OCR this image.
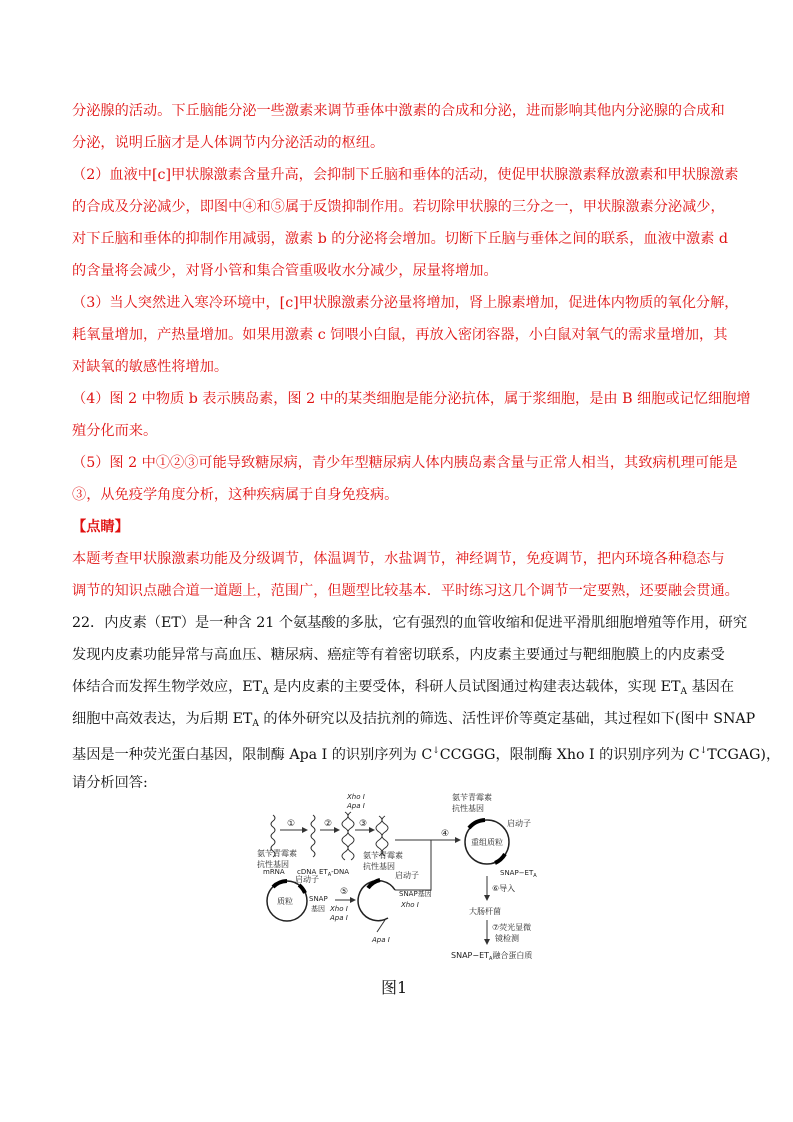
分泌腺的活动。下丘脑能分泌一些激素来调节垂体中激素的合成和分泌，进而影响其他内分泌腺的合成和
分泌，说明丘脑才是人体调节内分泌活动的枢纽。
（2）血液中[c]甲状腺激素含量升高，会抑制下丘脑和垂体的活动，使促甲状腺激素释放激素和甲状腺激素
的合成及分泌减少，即图中④和⑤属于反馈抑制作用。若切除甲状腺的三分之一，甲状腺激素分泌减少，
对下丘脑和垂体的抑制作用减弱，激素 b 的分泌将会增加。切断下丘脑与垂体之间的联系，血液中激素 d
的含量将会减少，对肾小管和集合管重吸收水分减少，尿量将增加。
（3）当人突然进入寒冷环境中，[c]甲状腺激素分泌量将增加，肾上腺素增加，促进体内物质的氧化分解，
耗氧量增加，产热量增加。如果用激素 c 饲喂小白鼠，再放入密闭容器，小白鼠对氧气的需求量增加，其
对缺氧的敏感性将增加。
（4）图 2 中物质 b 表示胰岛素，图 2 中的某类细胞是能分泌抗体，属于浆细胞，是由 B 细胞或记忆细胞增
殖分化而来。
（5）图 2 中①②③可能导致糖尿病，青少年型糖尿病人体内胰岛素含量与正常人相当，其致病机理可能是
③，从免疫学角度分析，这种疾病属于自身免疫病。
【点睛】
本题考查甲状腺激素功能及分级调节，体温调节，水盐调节，神经调节，免疫调节，把内环境各种稳态与
调节的知识点融合道一道题上，范围广，但题型比较基本．平时练习这几个调节一定要熟，还要融会贯通。
22．内皮素（ET）是一种含 21 个氨基酸的多肽，它有强烈的血管收缩和促进平滑肌细胞增殖等作用，研究
发现内皮素功能异常与高血压、糖尿病、癌症等有着密切联系，内皮素主要通过与靶细胞膜上的内皮素受
体结合而发挥生物学效应，$ET_A$ 是内皮素的主要受体，科研人员试图通过构建表达载体，实现 $ET_A$ 基因在
细胞中高效表达，为后期 $ET_A$ 的体外研究以及拮抗剂的筛选、活性评价等奠定基础，其过程如下(图中 SNAP
基因是一种荧光蛋白基因，限制酶 Apa Ⅰ 的识别序列为 C↓CCGGG，限制酶 Xho Ⅰ 的识别序列为 C↓TCGAG)，
请分析回答:
①	②	③
Xho Ⅰ
Apa Ⅰ
mRNA cDNA $ET_A$-DNA
④
氨苄青霉素
抗性基因
质粒
启动子
SNAP
基因
⑤
Xho Ⅰ
Apa Ⅰ
氨苄青霉素
抗性基因
启动子
SNAP基因
Xho Ⅰ
Apa Ⅰ
氨苄青霉素
抗性基因
重组质粒
启动子
$SNAP-ET_A$
⑥导入
大肠杆菌
⑦荧光显微
镜检测
$SNAP-ET_A$融合蛋白质
图1
